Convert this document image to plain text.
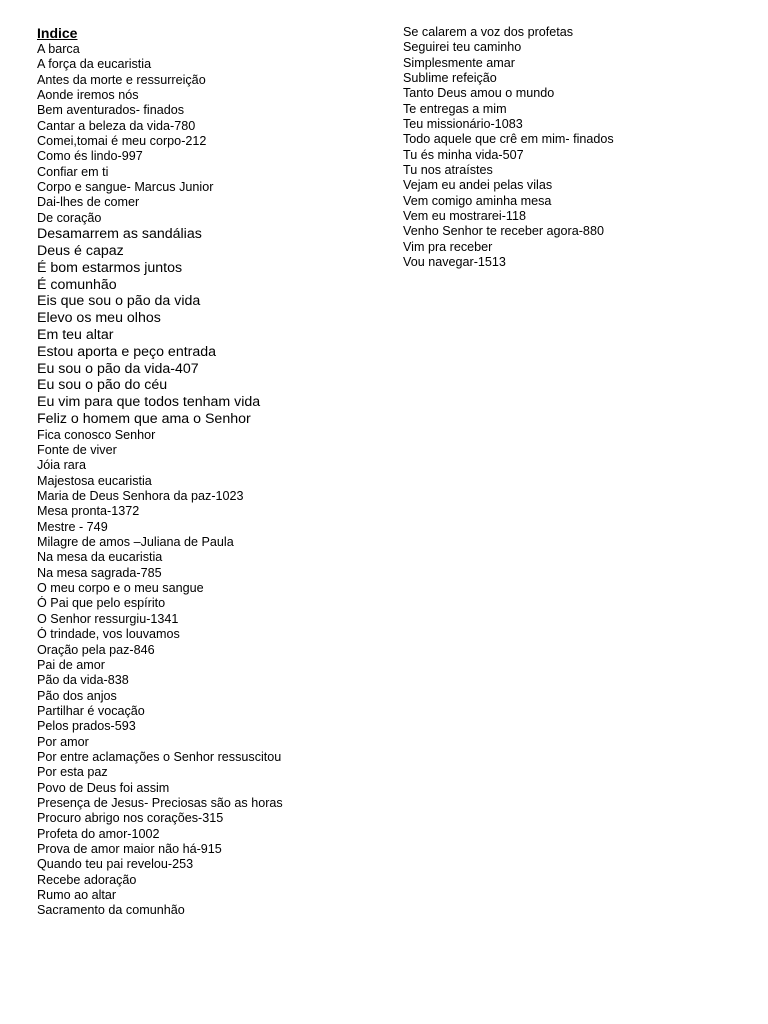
Indice
A barca
A força da eucaristia
Antes da morte e ressurreição
Aonde iremos nós
Bem aventurados- finados
Cantar a beleza da vida-780
Comei,tomai é meu corpo-212
Como és lindo-997
Confiar em ti
Corpo e sangue- Marcus Junior
Dai-lhes de comer
De coração
Desamarrem as sandálias
Deus é capaz
É bom estarmos juntos
É comunhão
Eis que sou o pão da vida
Elevo os meu olhos
Em teu altar
Estou aporta e peço entrada
Eu sou o pão da vida-407
Eu sou o pão do céu
Eu vim para que todos tenham vida
Feliz o homem que ama o Senhor
Fica conosco Senhor
Fonte de viver
Jóia rara
Majestosa eucaristia
Maria de Deus Senhora da paz-1023
Mesa pronta-1372
Mestre - 749
Milagre de amos –Juliana de Paula
Na mesa da eucaristia
Na mesa sagrada-785
O meu corpo e o meu sangue
Ó Pai que pelo espírito
O Senhor ressurgiu-1341
Ó trindade, vos louvamos
Oração pela paz-846
Pai de amor
Pão da vida-838
Pão dos anjos
Partilhar é vocação
Pelos prados-593
Por amor
Por entre aclamações o Senhor ressuscitou
Por esta paz
Povo de Deus foi assim
Presença de Jesus- Preciosas são as horas
Procuro abrigo nos corações-315
Profeta do amor-1002
Prova de amor maior não há-915
Quando teu pai revelou-253
Recebe adoração
Rumo ao altar
Sacramento da comunhão
Se calarem a voz dos profetas
Seguirei teu caminho
Simplesmente amar
Sublime refeição
Tanto Deus amou o mundo
Te entregas a mim
Teu missionário-1083
Todo aquele que crê em mim- finados
Tu és minha vida-507
Tu nos atraístes
Vejam eu andei pelas vilas
Vem comigo aminha mesa
Vem eu mostrarei-118
Venho Senhor te receber agora-880
Vim pra receber
Vou navegar-1513
